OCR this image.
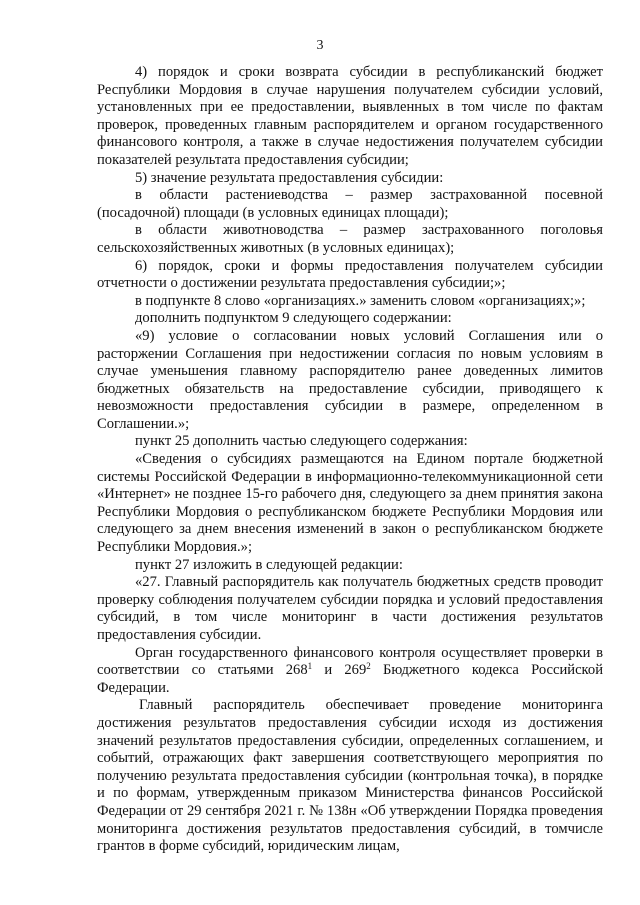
3

4) порядок и сроки возврата субсидии в республиканский бюджет Республики Мордовия в случае нарушения получателем субсидии условий, установленных при ее предоставлении, выявленных в том числе по фактам проверок, проведенных главным распорядителем и органом государственного финансового контроля, а также в случае недостижения получателем субсидии показателей результата предоставления субсидии;

5) значение результата предоставления субсидии:

в области растениеводства – размер застрахованной посевной (посадочной) площади (в условных единицах площади);

в области животноводства – размер застрахованного поголовья сельскохозяйственных животных (в условных единицах);

6) порядок, сроки и формы предоставления получателем субсидии отчетности о достижении результата предоставления субсидии;»;

в подпункте 8 слово «организациях.» заменить словом «организациях;»;

дополнить подпунктом 9 следующего содержании:

«9) условие о согласовании новых условий Соглашения или о расторжении Соглашения при недостижении согласия по новым условиям в случае уменьшения главному распорядителю ранее доведенных лимитов бюджетных обязательств на предоставление субсидии, приводящего к невозможности предоставления субсидии в размере, определенном в Соглашении.»;

пункт 25 дополнить частью следующего содержания:

«Сведения о субсидиях размещаются на Едином портале бюджетной системы Российской Федерации в информационно-телекоммуникационной сети «Интернет» не позднее 15-го рабочего дня, следующего за днем принятия закона Республики Мордовия о республиканском бюджете Республики Мордовия или следующего за днем внесения изменений в закон о республиканском бюджете Республики Мордовия.»;

пункт 27 изложить в следующей редакции:

«27. Главный распорядитель как получатель бюджетных средств проводит проверку соблюдения получателем субсидии порядка и условий предоставления субсидий, в том числе мониторинг в части достижения результатов предоставления субсидии.

Орган государственного финансового контроля осуществляет проверки в соответствии со статьями $268^1$ и $269^2$ Бюджетного кодекса Российской Федерации.

Главный распорядитель обеспечивает проведение мониторинга достижения результатов предоставления субсидии исходя из достижения значений результатов предоставления субсидии, определенных соглашением, и событий, отражающих факт завершения соответствующего мероприятия по получению результата предоставления субсидии (контрольная точка), в порядке и по формам, утвержденным приказом Министерства финансов Российской Федерации от 29 сентября 2021 г. № 138н «Об утверждении Порядка проведения мониторинга достижения результатов предоставления субсидий, в томчисле грантов в форме субсидий, юридическим лицам,
